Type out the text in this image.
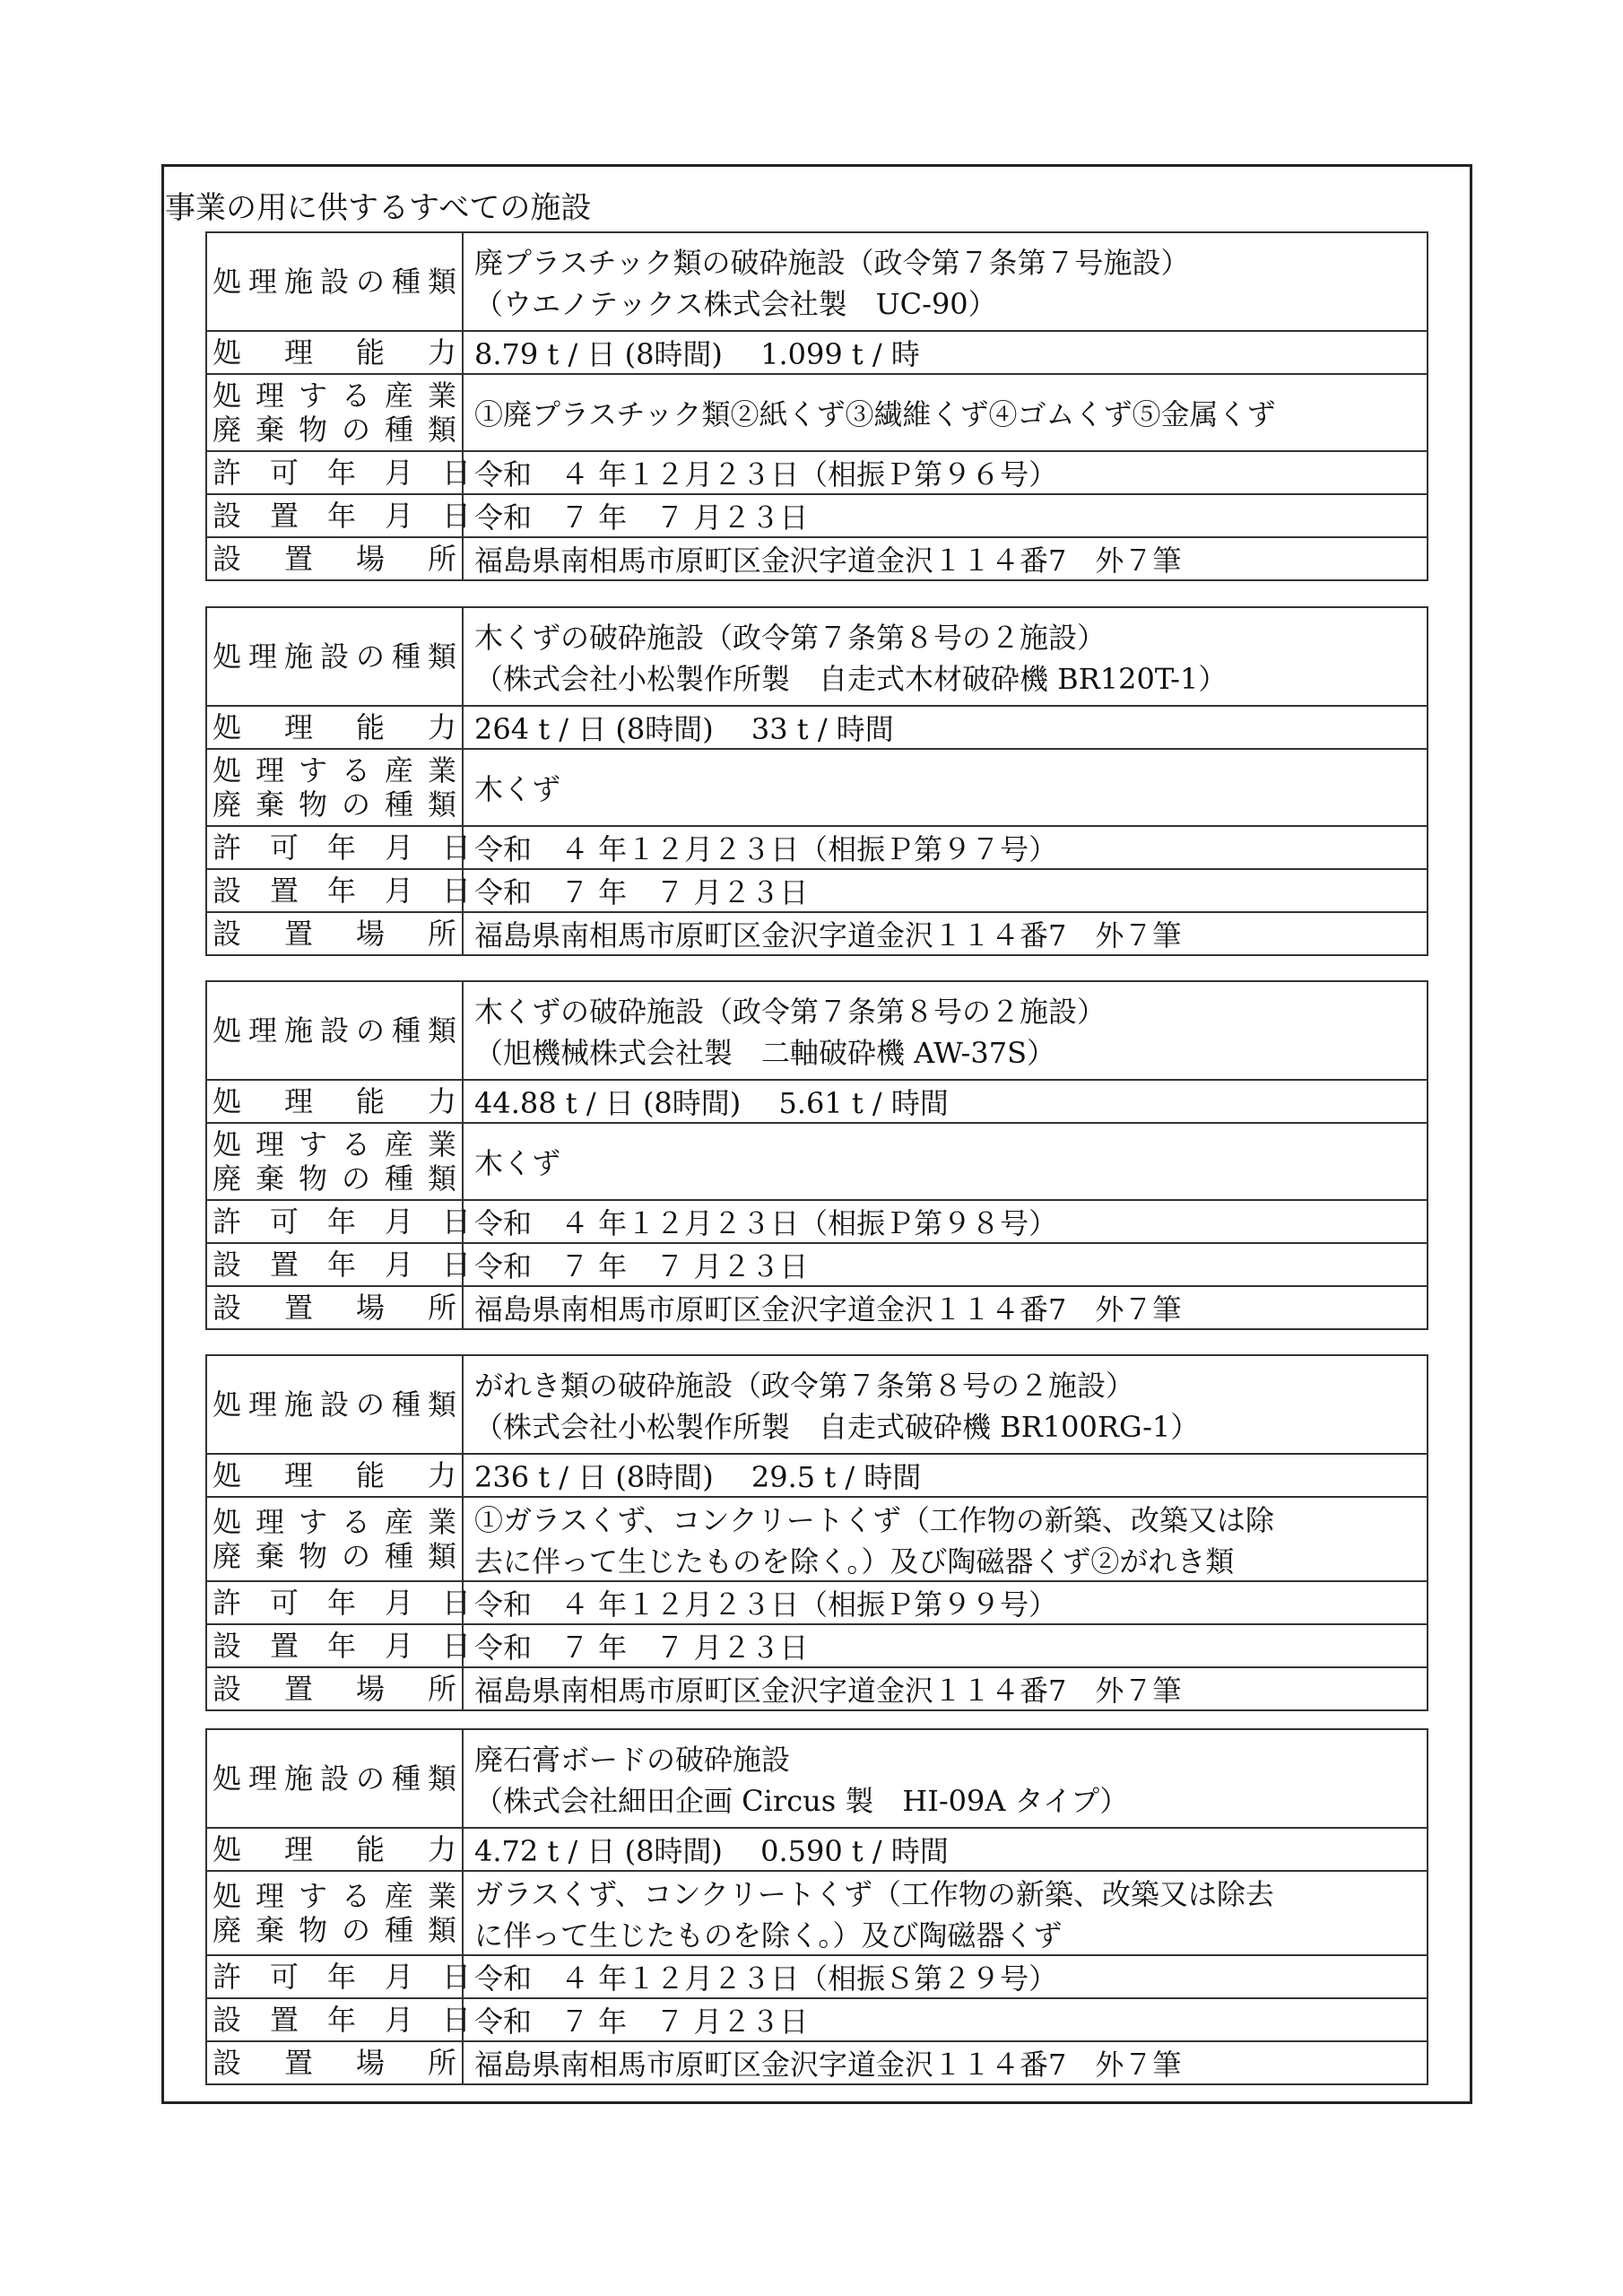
事業の用に供するすべての施設
処理施設の種類	廃プラスチック類の破砕施設（政令第７条第７号施設）
（ウエノテックス株式会社製　UC-90）

処　理　能　力	8.79 t / 日 (8時間)　 1.099 t / 時

処理する産業
廃棄物の種類	①廃プラスチック類②紙くず③繊維くず④ゴムくず⑤金属くず

許　可　年　月　日	令和　４ 年１２月２３日（相振Ｐ第９６号）

設　置　年　月　日	令和　７ 年　７ 月２３日

設　置　場　所	福島県南相馬市原町区金沢字道金沢１１４番7　外７筆
処理施設の種類	木くずの破砕施設（政令第７条第８号の２施設）
（株式会社小松製作所製　自走式木材破砕機 BR120T-1）

処　理　能　力	264 t / 日 (8時間)　 33 t / 時間

処理する産業
廃棄物の種類	木くず

許　可　年　月　日	令和　４ 年１２月２３日（相振Ｐ第９７号）

設　置　年　月　日	令和　７ 年　７ 月２３日

設　置　場　所	福島県南相馬市原町区金沢字道金沢１１４番7　外７筆
処理施設の種類	木くずの破砕施設（政令第７条第８号の２施設）
（旭機械株式会社製　二軸破砕機 AW-37S）

処　理　能　力	44.88 t / 日 (8時間)　 5.61 t / 時間

処理する産業
廃棄物の種類	木くず

許　可　年　月　日	令和　４ 年１２月２３日（相振Ｐ第９８号）

設　置　年　月　日	令和　７ 年　７ 月２３日

設　置　場　所	福島県南相馬市原町区金沢字道金沢１１４番7　外７筆
処理施設の種類	がれき類の破砕施設（政令第７条第８号の２施設）
（株式会社小松製作所製　自走式破砕機 BR100RG-1）

処　理　能　力	236 t / 日 (8時間)　 29.5 t / 時間

処理する産業
廃棄物の種類	①ガラスくず、コンクリートくず（工作物の新築、改築又は除
去に伴って生じたものを除く。）及び陶磁器くず②がれき類

許　可　年　月　日	令和　４ 年１２月２３日（相振Ｐ第９９号）

設　置　年　月　日	令和　７ 年　７ 月２３日

設　置　場　所	福島県南相馬市原町区金沢字道金沢１１４番7　外７筆
処理施設の種類	廃石膏ボードの破砕施設
（株式会社細田企画 Circus 製　HI-09A タイプ）

処　理　能　力	4.72 t / 日 (8時間)　 0.590 t / 時間

処理する産業
廃棄物の種類	ガラスくず、コンクリートくず（工作物の新築、改築又は除去
に伴って生じたものを除く。）及び陶磁器くず

許　可　年　月　日	令和　４ 年１２月２３日（相振Ｓ第２９号）

設　置　年　月　日	令和　７ 年　７ 月２３日

設　置　場　所	福島県南相馬市原町区金沢字道金沢１１４番7　外７筆
